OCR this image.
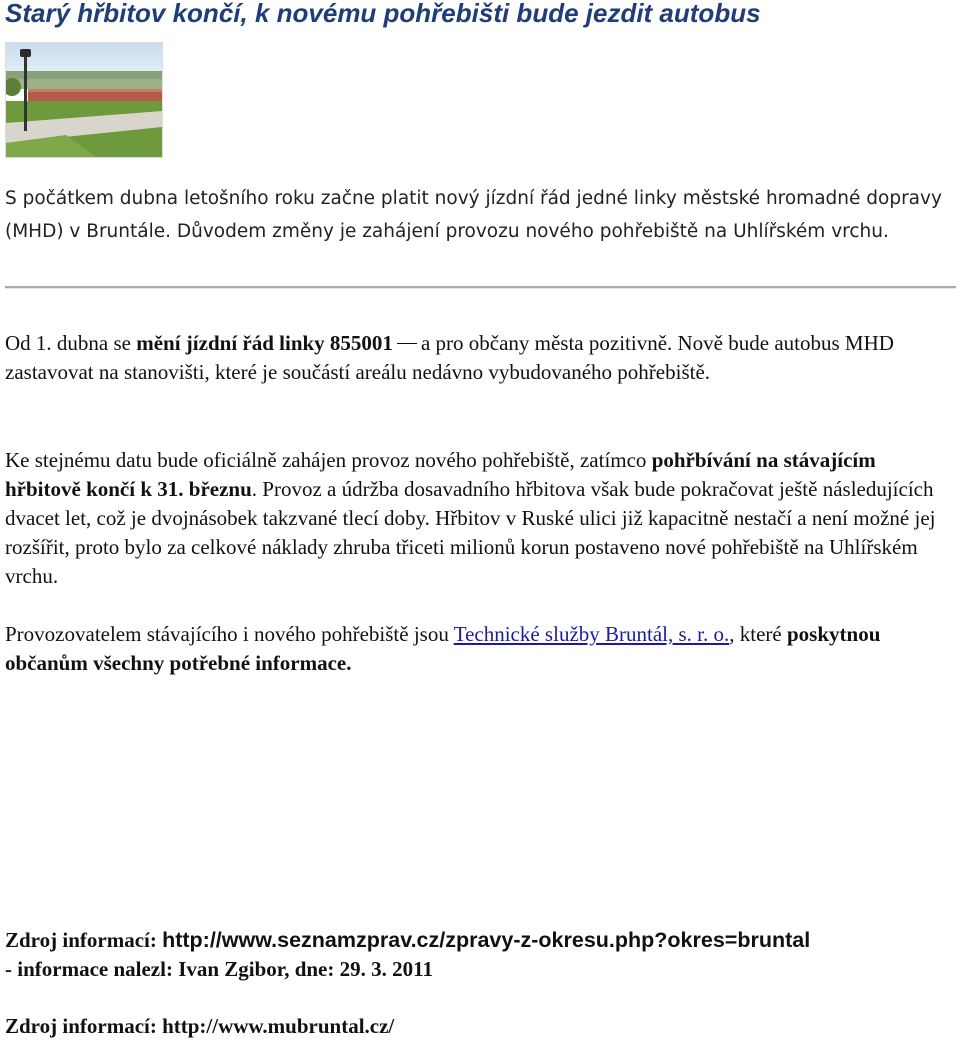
Starý hřbitov končí, k novému pohřebišti bude jezdit autobus

S počátkem dubna letošního roku začne platit nový jízdní řád jedné linky městské hromadné dopravy (MHD) v Bruntále. Důvodem změny je zahájení provozu nového pohřebiště na Uhlířském vrchu.

Od 1. dubna se mění jízdní řád linky 855001 a pro občany města pozitivně. Nově bude autobus MHD zastavovat na stanovišti, které je součástí areálu nedávno vybudovaného pohřebiště.

Ke stejnému datu bude oficiálně zahájen provoz nového pohřebiště, zatímco pohřbívání na stávajícím hřbitově končí k 31. březnu. Provoz a údržba dosavadního hřbitova však bude pokračovat ještě následujících dvacet let, což je dvojnásobek takzvané tlecí doby. Hřbitov v Ruské ulici již kapacitně nestačí a není možné jej rozšířit, proto bylo za celkové náklady zhruba třiceti milionů korun postaveno nové pohřebiště na Uhlířském vrchu.

Provozovatelem stávajícího i nového pohřebiště jsou Technické služby Bruntál, s. r. o., které poskytnou občanům všechny potřebné informace.

Zdroj informací: http://www.seznamzprav.cz/zpravy-z-okresu.php?okres=bruntal
- informace nalezl: Ivan Zgibor, dne: 29. 3. 2011

Zdroj informací: http://www.mubruntal.cz/
